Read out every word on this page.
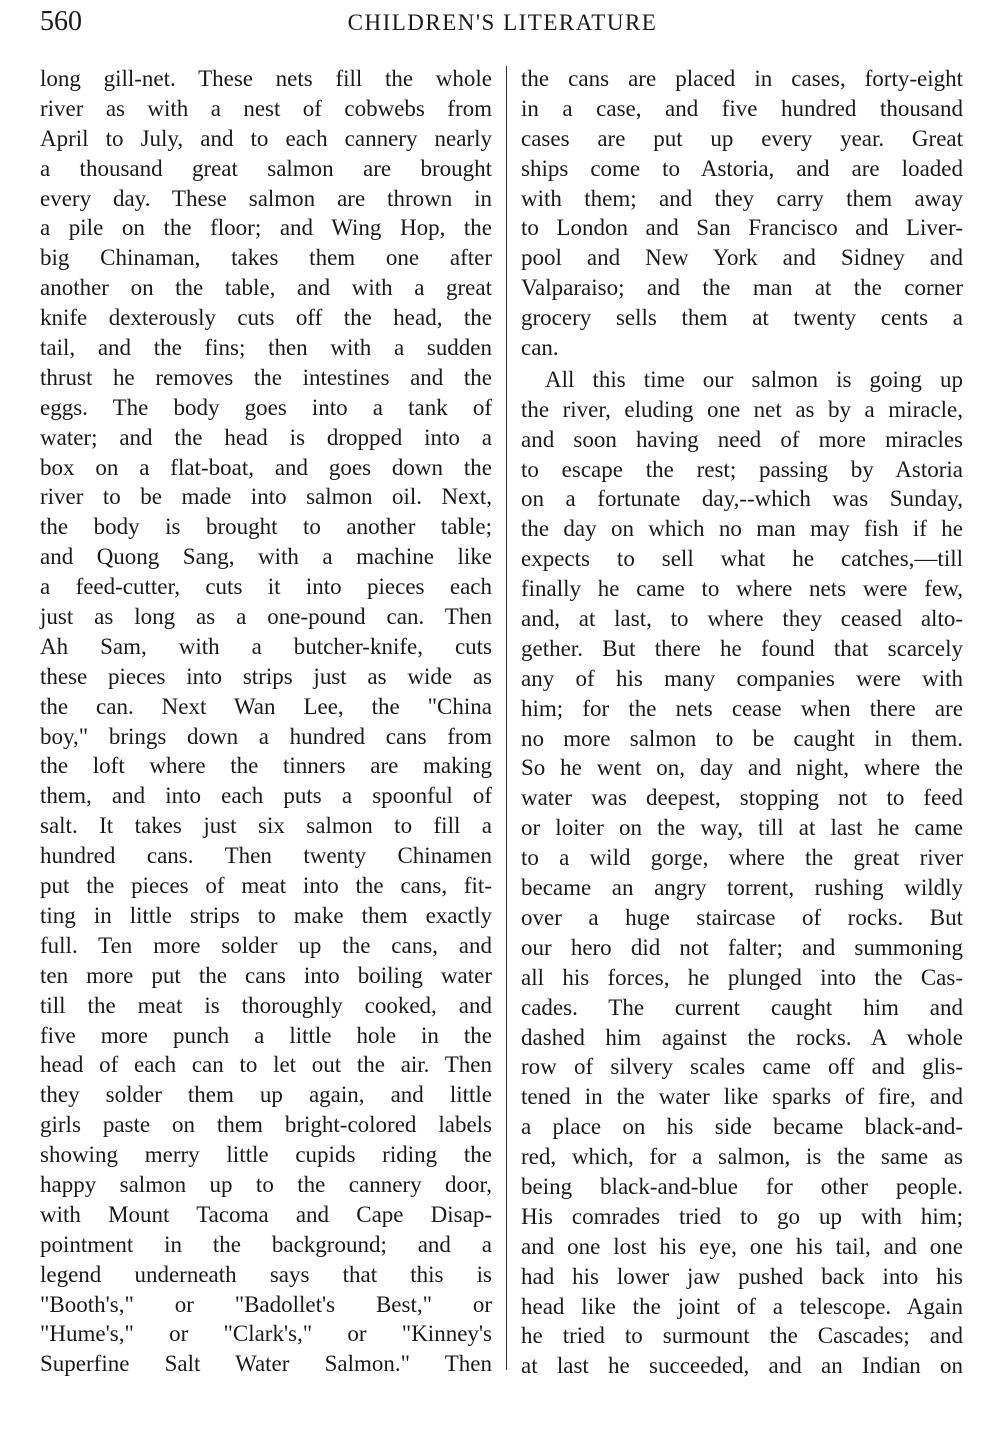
560	CHILDREN'S LITERATURE
long gill-net. These nets fill the whole
river as with a nest of cobwebs from
April to July, and to each cannery nearly
a thousand great salmon are brought
every day. These salmon are thrown in
a pile on the floor; and Wing Hop, the
big Chinaman, takes them one after
another on the table, and with a great
knife dexterously cuts off the head, the
tail, and the fins; then with a sudden
thrust he removes the intestines and the
eggs. The body goes into a tank of
water; and the head is dropped into a
box on a flat-boat, and goes down the
river to be made into salmon oil. Next,
the body is brought to another table;
and Quong Sang, with a machine like
a feed-cutter, cuts it into pieces each
just as long as a one-pound can. Then
Ah Sam, with a butcher-knife, cuts
these pieces into strips just as wide as
the can. Next Wan Lee, the "China
boy," brings down a hundred cans from
the loft where the tinners are making
them, and into each puts a spoonful of
salt. It takes just six salmon to fill a
hundred cans. Then twenty Chinamen
put the pieces of meat into the cans, fit-
ting in little strips to make them exactly
full. Ten more solder up the cans, and
ten more put the cans into boiling water
till the meat is thoroughly cooked, and
five more punch a little hole in the
head of each can to let out the air. Then
they solder them up again, and little
girls paste on them bright-colored labels
showing merry little cupids riding the
happy salmon up to the cannery door,
with Mount Tacoma and Cape Disap-
pointment in the background; and a
legend underneath says that this is
"Booth's," or "Badollet's Best," or
"Hume's," or "Clark's," or "Kinney's
Superfine Salt Water Salmon." Then
the cans are placed in cases, forty-eight
in a case, and five hundred thousand
cases are put up every year. Great
ships come to Astoria, and are loaded
with them; and they carry them away
to London and San Francisco and Liver-
pool and New York and Sidney and
Valparaiso; and the man at the corner
grocery sells them at twenty cents a
can.
All this time our salmon is going up
the river, eluding one net as by a miracle,
and soon having need of more miracles
to escape the rest; passing by Astoria
on a fortunate day,--which was Sunday,
the day on which no man may fish if he
expects to sell what he catches,—till
finally he came to where nets were few,
and, at last, to where they ceased alto-
gether. But there he found that scarcely
any of his many companies were with
him; for the nets cease when there are
no more salmon to be caught in them.
So he went on, day and night, where the
water was deepest, stopping not to feed
or loiter on the way, till at last he came
to a wild gorge, where the great river
became an angry torrent, rushing wildly
over a huge staircase of rocks. But
our hero did not falter; and summoning
all his forces, he plunged into the Cas-
cades. The current caught him and
dashed him against the rocks. A whole
row of silvery scales came off and glis-
tened in the water like sparks of fire, and
a place on his side became black-and-
red, which, for a salmon, is the same as
being black-and-blue for other people.
His comrades tried to go up with him;
and one lost his eye, one his tail, and one
had his lower jaw pushed back into his
head like the joint of a telescope. Again
he tried to surmount the Cascades; and
at last he succeeded, and an Indian on
